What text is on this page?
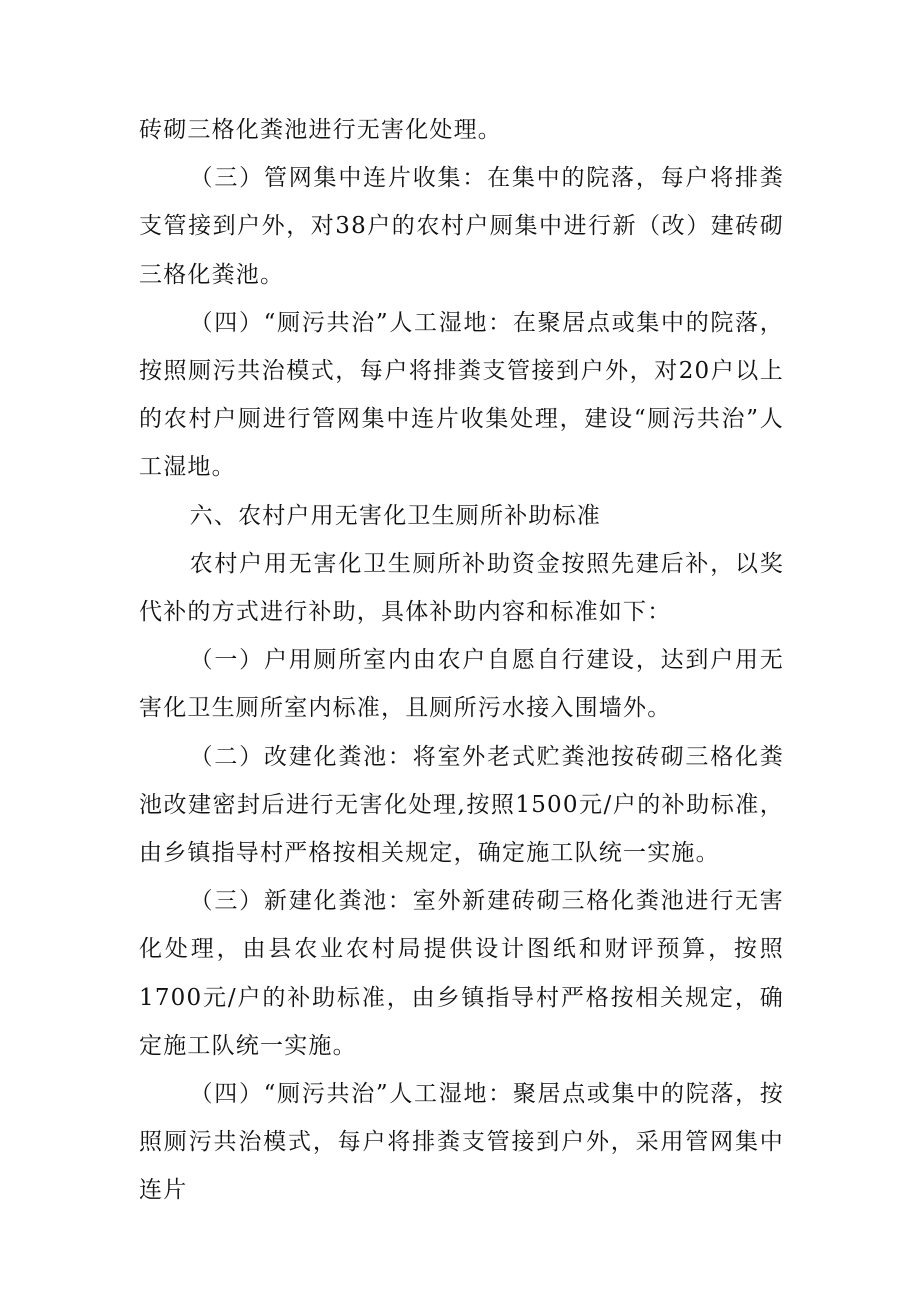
砖砌三格化粪池进行无害化处理。

（三）管网集中连片收集：在集中的院落，每户将排粪支管接到户外，对38户的农村户厕集中进行新（改）建砖砌三格化粪池。

（四）“厕污共治”人工湿地：在聚居点或集中的院落，按照厕污共治模式，每户将排粪支管接到户外，对20户以上的农村户厕进行管网集中连片收集处理，建设“厕污共治”人工湿地。

六、农村户用无害化卫生厕所补助标准

农村户用无害化卫生厕所补助资金按照先建后补，以奖代补的方式进行补助，具体补助内容和标准如下：

（一）户用厕所室内由农户自愿自行建设，达到户用无害化卫生厕所室内标准，且厕所污水接入围墙外。

（二）改建化粪池：将室外老式贮粪池按砖砌三格化粪池改建密封后进行无害化处理,按照1500元/户的补助标准，由乡镇指导村严格按相关规定，确定施工队统一实施。

（三）新建化粪池：室外新建砖砌三格化粪池进行无害化处理，由县农业农村局提供设计图纸和财评预算，按照1700元/户的补助标准，由乡镇指导村严格按相关规定，确定施工队统一实施。

（四）“厕污共治”人工湿地：聚居点或集中的院落，按照厕污共治模式，每户将排粪支管接到户外，采用管网集中连片
